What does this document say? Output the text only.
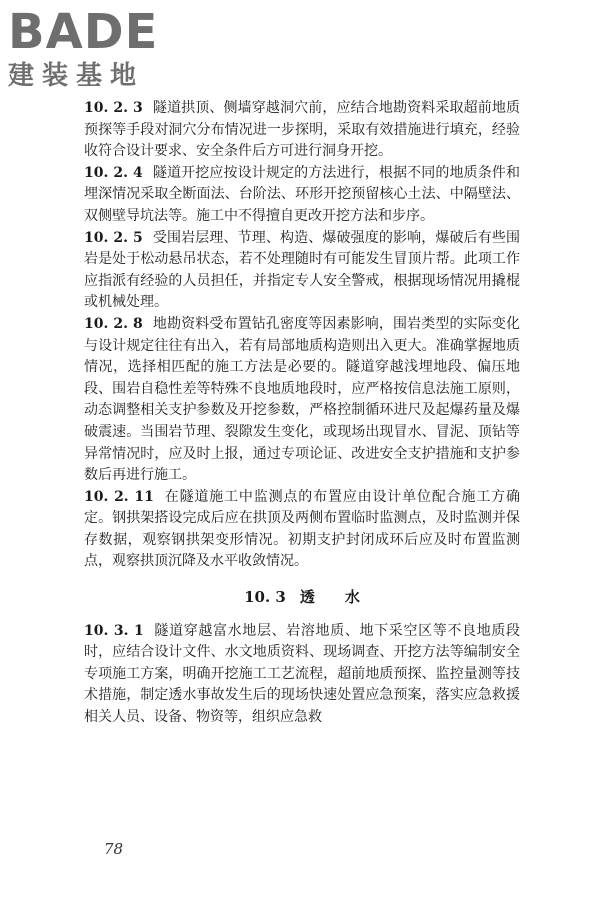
BADE
建装基地

10. 2. 3 隧道拱顶、侧墙穿越洞穴前，应结合地勘资料采取超前地质预探等手段对洞穴分布情况进一步探明，采取有效措施进行填充，经验收符合设计要求、安全条件后方可进行洞身开挖。

10. 2. 4 隧道开挖应按设计规定的方法进行，根据不同的地质条件和埋深情况采取全断面法、台阶法、环形开挖预留核心土法、中隔壁法、双侧壁导坑法等。施工中不得擅自更改开挖方法和步序。

10. 2. 5 受围岩层理、节理、构造、爆破强度的影响，爆破后有些围岩是处于松动悬吊状态，若不处理随时有可能发生冒顶片帮。此项工作应指派有经验的人员担任，并指定专人安全警戒，根据现场情况用撬棍或机械处理。

10. 2. 8 地勘资料受布置钻孔密度等因素影响，围岩类型的实际变化与设计规定往往有出入，若有局部地质构造则出入更大。准确掌握地质情况，选择相匹配的施工方法是必要的。隧道穿越浅埋地段、偏压地段、围岩自稳性差等特殊不良地质地段时，应严格按信息法施工原则，动态调整相关支护参数及开挖参数，严格控制循环进尺及起爆药量及爆破震速。当围岩节理、裂隙发生变化，或现场出现冒水、冒泥、顶钻等异常情况时，应及时上报，通过专项论证、改进安全支护措施和支护参数后再进行施工。

10. 2. 11 在隧道施工中监测点的布置应由设计单位配合施工方确定。钢拱架搭设完成后应在拱顶及两侧布置临时监测点，及时监测并保存数据，观察钢拱架变形情况。初期支护封闭成环后应及时布置监测点，观察拱顶沉降及水平收敛情况。

10. 3 透　　水

10. 3. 1 隧道穿越富水地层、岩溶地质、地下采空区等不良地质段时，应结合设计文件、水文地质资料、现场调查、开挖方法等编制安全专项施工方案，明确开挖施工工艺流程，超前地质预探、监控量测等技术措施，制定透水事故发生后的现场快速处置应急预案，落实应急救援相关人员、设备、物资等，组织应急救

78
